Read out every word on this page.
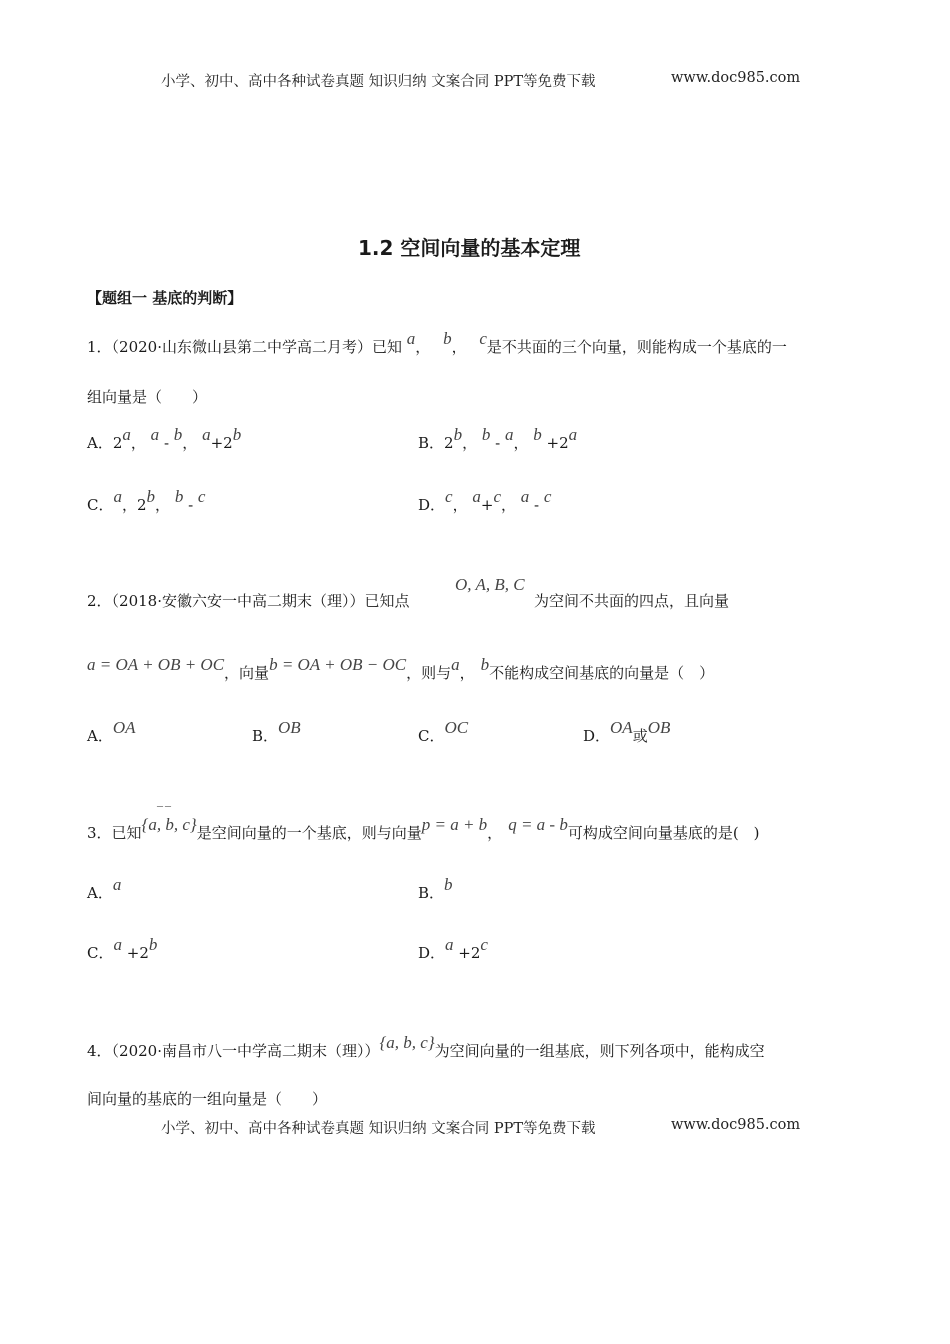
小学、初中、高中各种试卷真题 知识归纳 文案合同 PPT等免费下载	www.doc985.com
1.2 空间向量的基本定理
【题组一 基底的判断】
1．（2020·山东微山县第二中学高二月考）已知 a， b， c是不共面的三个向量，则能构成一个基底的一
组向量是（　　）
A．2a， a - b， a+2b	B．2b， b - a， b +2a
C．a，2b， b - c	D．c， a+c， a - c
O, A, B, C
2．（2018·安徽六安一中高二期末（理））已知点	为空间不共面的四点，且向量
a = OA + OB + OC，向量b = OA + OB − OC，则与a， b不能构成空间基底的向量是（　）
A．OA	B．OB	C．OC	D．OA或OB
––
3．已知{a, b, c}是空间向量的一个基底，则与向量p = a + b， q = a - b可构成空间向量基底的是(　)
A．a	B．b
C．a +2b	D．a +2c
4．（2020·南昌市八一中学高二期末（理））{a, b, c}为空间向量的一组基底，则下列各项中，能构成空
间向量的基底的一组向量是（　　）
小学、初中、高中各种试卷真题 知识归纳 文案合同 PPT等免费下载	www.doc985.com
